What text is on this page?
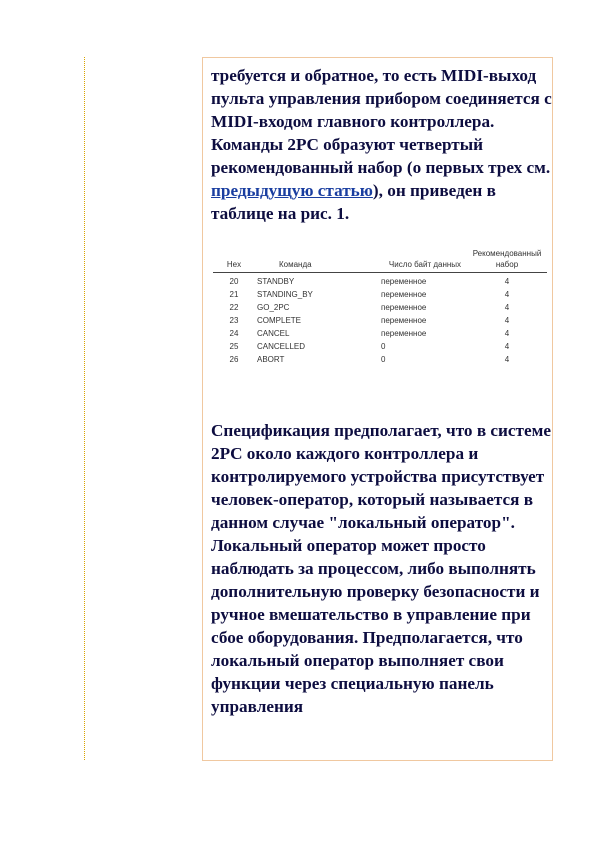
требуется и обратное, то есть MIDI-выход пульта управления прибором соединяется с MIDI-входом главного контроллера. Команды 2PC образуют четвертый рекомендованный набор (о первых трех см. предыдущую статью), он приведен в таблице на рис. 1.

Hex	Команда	Число байт данных	Рекомендованный набор
20	STANDBY	переменное	4
21	STANDING_BY	переменное	4
22	GO_2PC	переменное	4
23	COMPLETE	переменное	4
24	CANCEL	переменное	4
25	CANCELLED	0	4
26	ABORT	0	4

Спецификация предполагает, что в системе 2PC около каждого контроллера и контролируемого устройства присутствует человек-оператор, который называется в данном случае "локальный оператор". Локальный оператор может просто наблюдать за процессом, либо выполнять дополнительную проверку безопасности и ручное вмешательство в управление при сбое оборудования. Предполагается, что локальный оператор выполняет свои функции через специальную панель управления
